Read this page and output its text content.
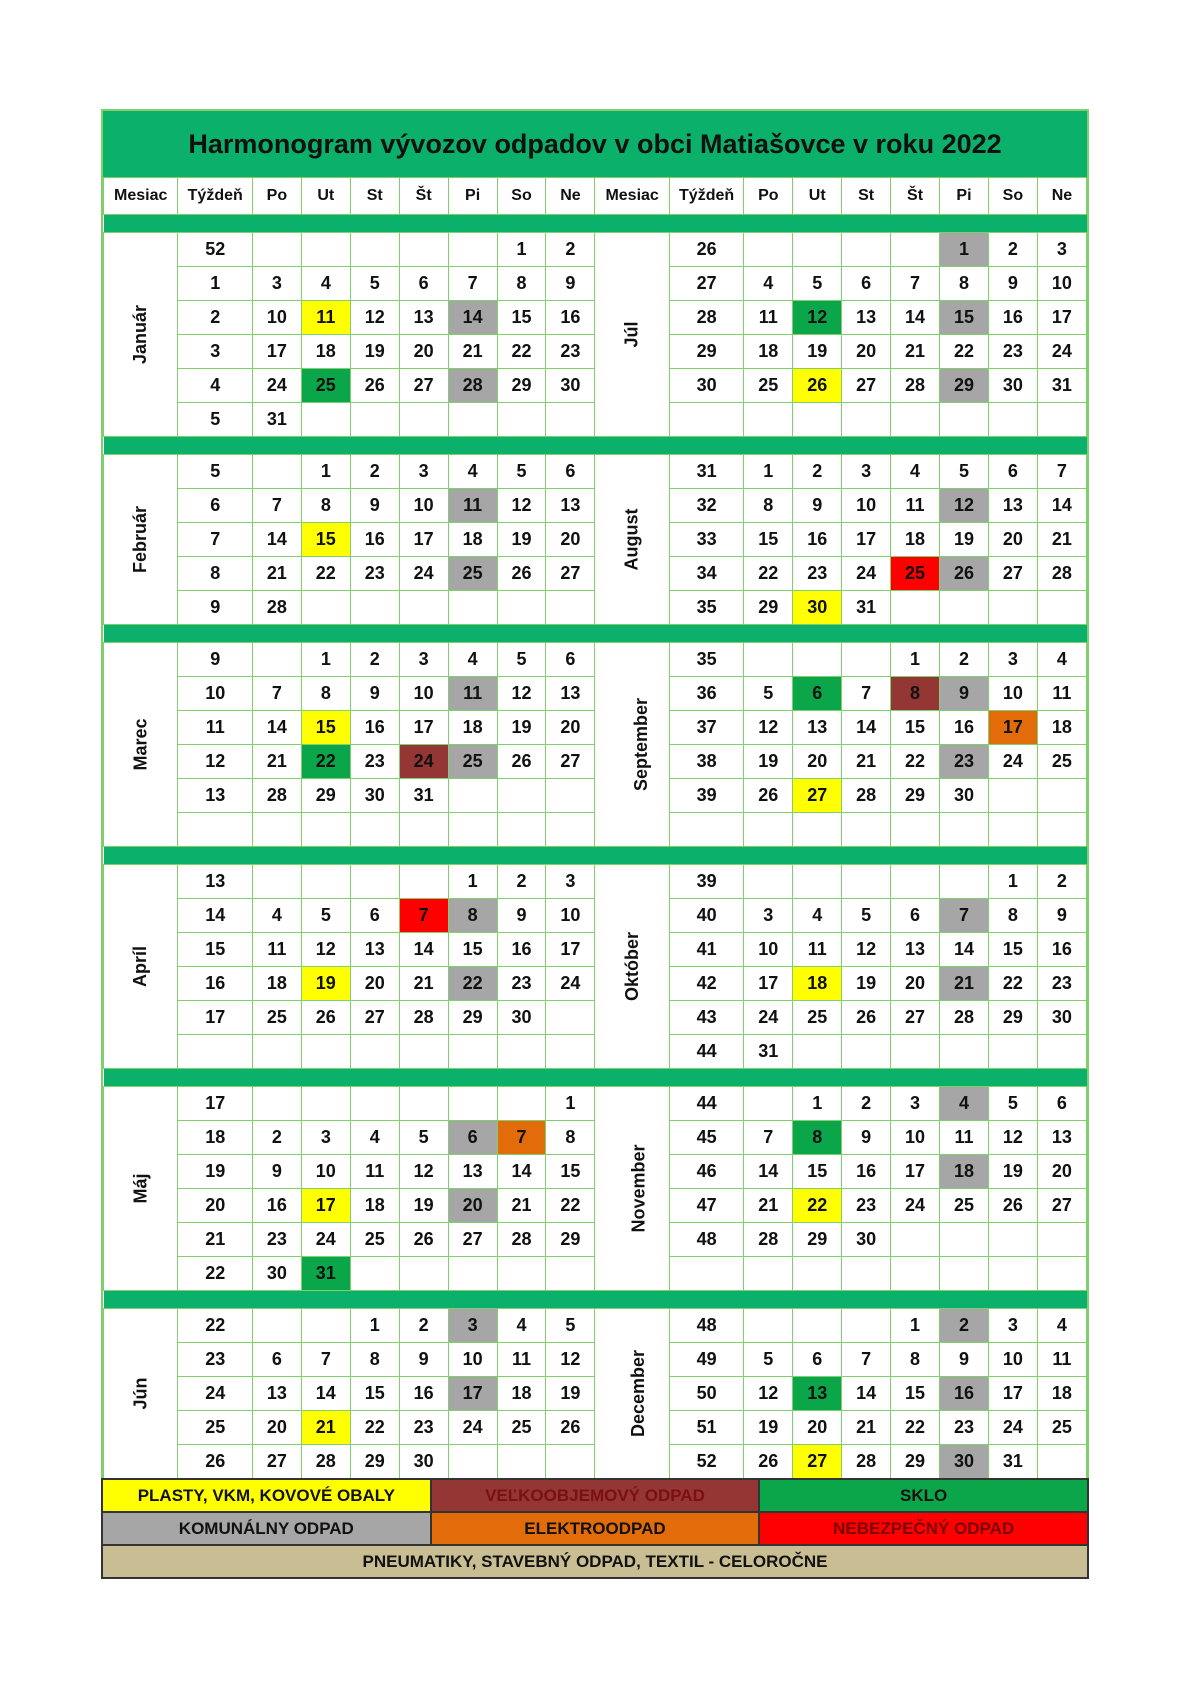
Harmonogram vývozov odpadov v obci Matiašovce v roku 2022
Mesiac	Týždeň	Po	Ut	St	Št	Pi	So	Ne	Mesiac	Týždeň	Po	Ut	St	Št	Pi	So	Ne

Január	52						1	2	Júl	26					1	2	3
	1	3	4	5	6	7	8	9		27	4	5	6	7	8	9	10
	2	10	11	12	13	14	15	16		28	11	12	13	14	15	16	17
	3	17	18	19	20	21	22	23		29	18	19	20	21	22	23	24
	4	24	25	26	27	28	29	30		30	25	26	27	28	29	30	31
	5	31															

Február	5		1	2	3	4	5	6	August	31	1	2	3	4	5	6	7
	6	7	8	9	10	11	12	13		32	8	9	10	11	12	13	14
	7	14	15	16	17	18	19	20		33	15	16	17	18	19	20	21
	8	21	22	23	24	25	26	27		34	22	23	24	25	26	27	28
	9	28								35	29	30	31				

Marec	9		1	2	3	4	5	6	September	35				1	2	3	4
	10	7	8	9	10	11	12	13		36	5	6	7	8	9	10	11
	11	14	15	16	17	18	19	20		37	12	13	14	15	16	17	18
	12	21	22	23	24	25	26	27		38	19	20	21	22	23	24	25
	13	28	29	30	31					39	26	27	28	29	30		

Apríl	13					1	2	3	Október	39						1	2
	14	4	5	6	7	8	9	10		40	3	4	5	6	7	8	9
	15	11	12	13	14	15	16	17		41	10	11	12	13	14	15	16
	16	18	19	20	21	22	23	24		42	17	18	19	20	21	22	23
	17	25	26	27	28	29	30			43	24	25	26	27	28	29	30
										44	31						

Máj	17							1	November	44		1	2	3	4	5	6
	18	2	3	4	5	6	7	8		45	7	8	9	10	11	12	13
	19	9	10	11	12	13	14	15		46	14	15	16	17	18	19	20
	20	16	17	18	19	20	21	22		47	21	22	23	24	25	26	27
	21	23	24	25	26	27	28	29		48	28	29	30				
	22	30	31														

Jún	22			1	2	3	4	5	December	48				1	2	3	4
	23	6	7	8	9	10	11	12		49	5	6	7	8	9	10	11
	24	13	14	15	16	17	18	19		50	12	13	14	15	16	17	18
	25	20	21	22	23	24	25	26		51	19	20	21	22	23	24	25
	26	27	28	29	30					52	26	27	28	29	30	31	
PLASTY, VKM, KOVOVÉ OBALY	VEĽKOOBJEMOVÝ ODPAD	SKLO
KOMUNÁLNY ODPAD	ELEKTROODPAD	NEBEZPEČNÝ ODPAD
PNEUMATIKY, STAVEBNÝ ODPAD, TEXTIL - CELOROČNE		
